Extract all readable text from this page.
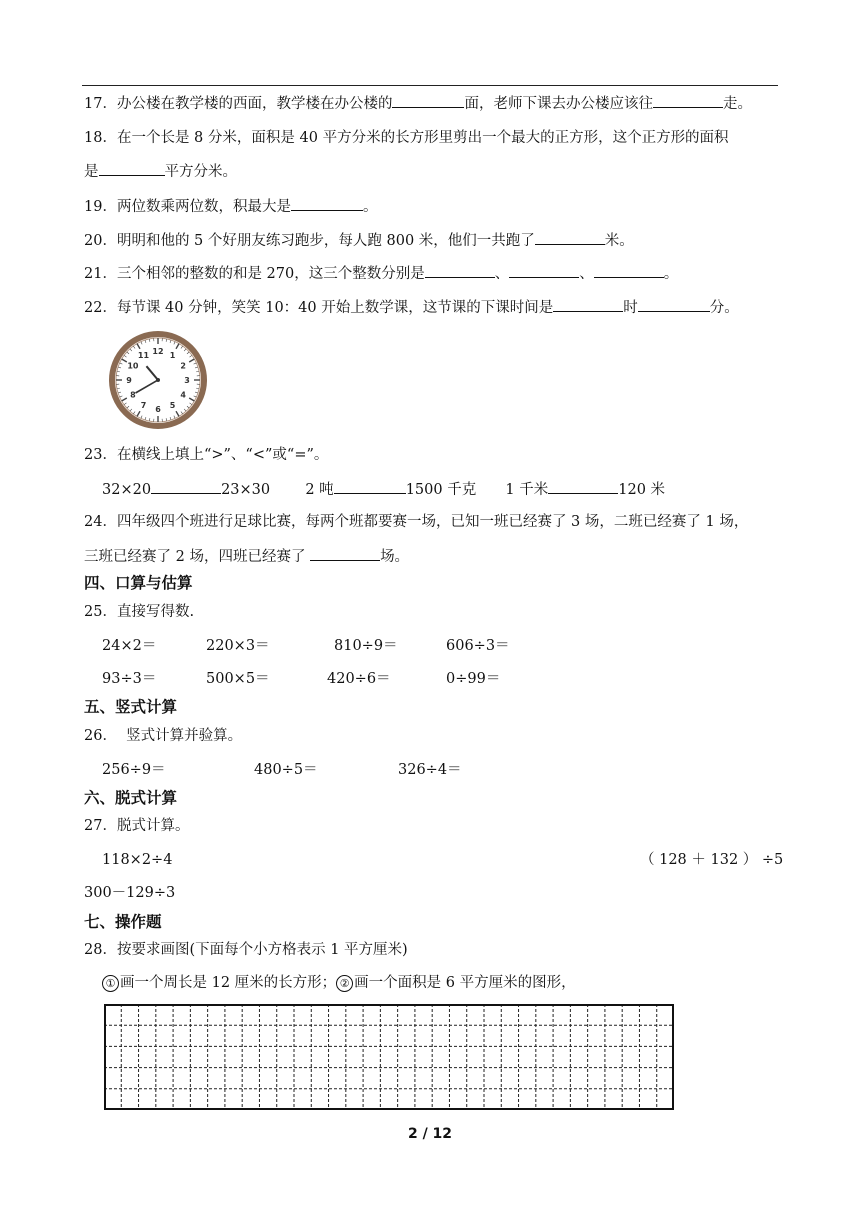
17．办公楼在教学楼的西面，教学楼在办公楼的	面，老师下课去办公楼应该往	走。
18．在一个长是 8 分米，面积是 40 平方分米的长方形里剪出一个最大的正方形，这个正方形的面积
是	平方分米。
19．两位数乘两位数，积最大是	。
20．明明和他的 5 个好朋友练习跑步，每人跑 800 米，他们一共跑了	米。
21．三个相邻的整数的和是 270，这三个整数分别是	、	、	。
22．每节课 40 分钟，笑笑 10：40 开始上数学课，这节课的下课时间是	时	分。
12 1
2
3
4
5
6
7
8
9
10
11
23．在横线上填上“>”、“<”或“=”。
32×20	23×30 2 吨	1500 千克 1 千米	120 米
24．四年级四个班进行足球比赛，每两个班都要赛一场，已知一班已经赛了 3 场，二班已经赛了 1 场，
三班已经赛了 2 场，四班已经赛了	场。
四、口算与估算
25．直接写得数.
24×2＝	220×3＝	810÷9＝	606÷3＝
93÷3＝	500×5＝	420÷6＝	0÷99＝
五、竖式计算
26． 竖式计算并验算。
256÷9＝	480÷5＝	326÷4＝
六、脱式计算
27．脱式计算。
118×2÷4	（ 128 ＋ 132 ） ÷5
300－129÷3
七、操作题
28．按要求画图(下面每个小方格表示 1 平方厘米)
① 画一个周长是 12 厘米的长方形； ② 画一个面积是 6 平方厘米的图形，
2 / 12
